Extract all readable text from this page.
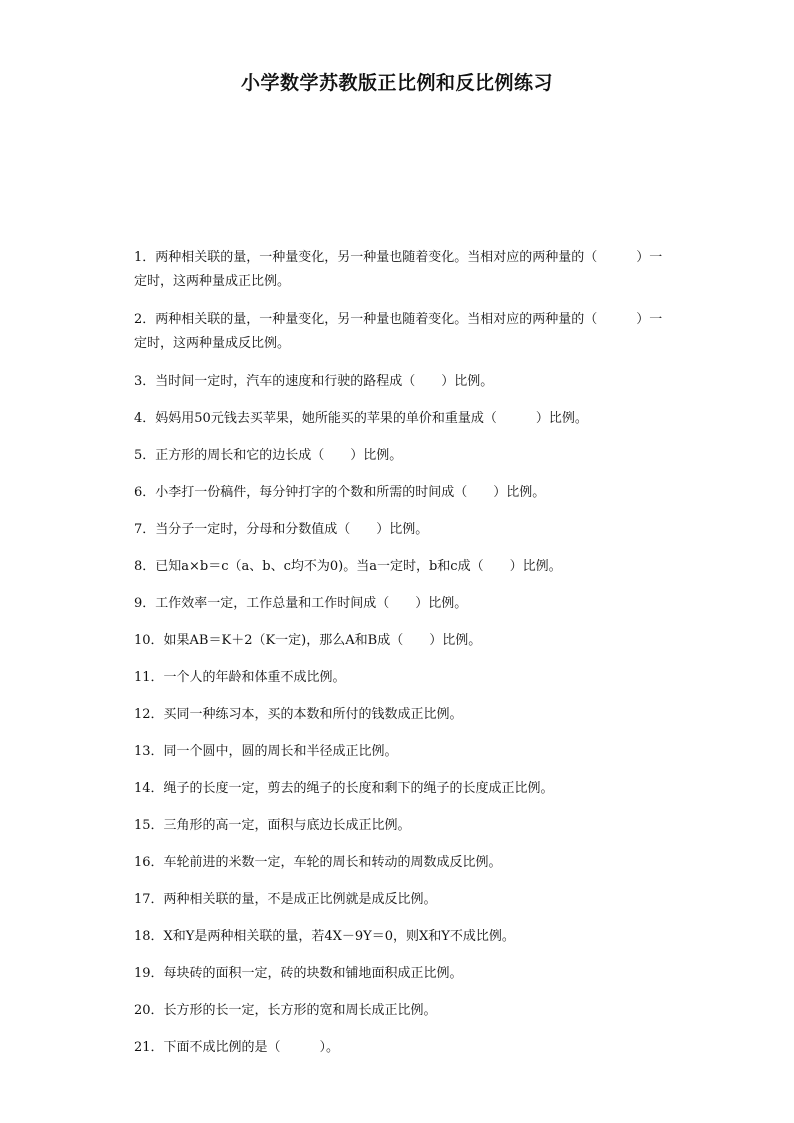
小学数学苏教版正比例和反比例练习
1．两种相关联的量，一种量变化，另一种量也随着变化。当相对应的两种量的（　　　）一定时，这两种量成正比例。
2．两种相关联的量，一种量变化，另一种量也随着变化。当相对应的两种量的（　　　）一定时，这两种量成反比例。
3．当时间一定时，汽车的速度和行驶的路程成（　　）比例。
4．妈妈用50元钱去买苹果，她所能买的苹果的单价和重量成（　　　）比例。
5．正方形的周长和它的边长成（　　）比例。
6．小李打一份稿件，每分钟打字的个数和所需的时间成（　　）比例。
7．当分子一定时，分母和分数值成（　　）比例。
8．已知a×b＝c（a、b、c均不为0)。当a一定时，b和c成（　　）比例。
9．工作效率一定，工作总量和工作时间成（　　）比例。
10．如果AB＝K＋2（K一定)，那么A和B成（　　）比例。
11．一个人的年龄和体重不成比例。
12．买同一种练习本，买的本数和所付的钱数成正比例。
13．同一个圆中，圆的周长和半径成正比例。
14．绳子的长度一定，剪去的绳子的长度和剩下的绳子的长度成正比例。
15．三角形的高一定，面积与底边长成正比例。
16．车轮前进的米数一定，车轮的周长和转动的周数成反比例。
17．两种相关联的量，不是成正比例就是成反比例。
18．X和Y是两种相关联的量，若4X－9Y＝0，则X和Y不成比例。
19．每块砖的面积一定，砖的块数和铺地面积成正比例。
20．长方形的长一定，长方形的宽和周长成正比例。
21．下面不成比例的是（　　　）。
